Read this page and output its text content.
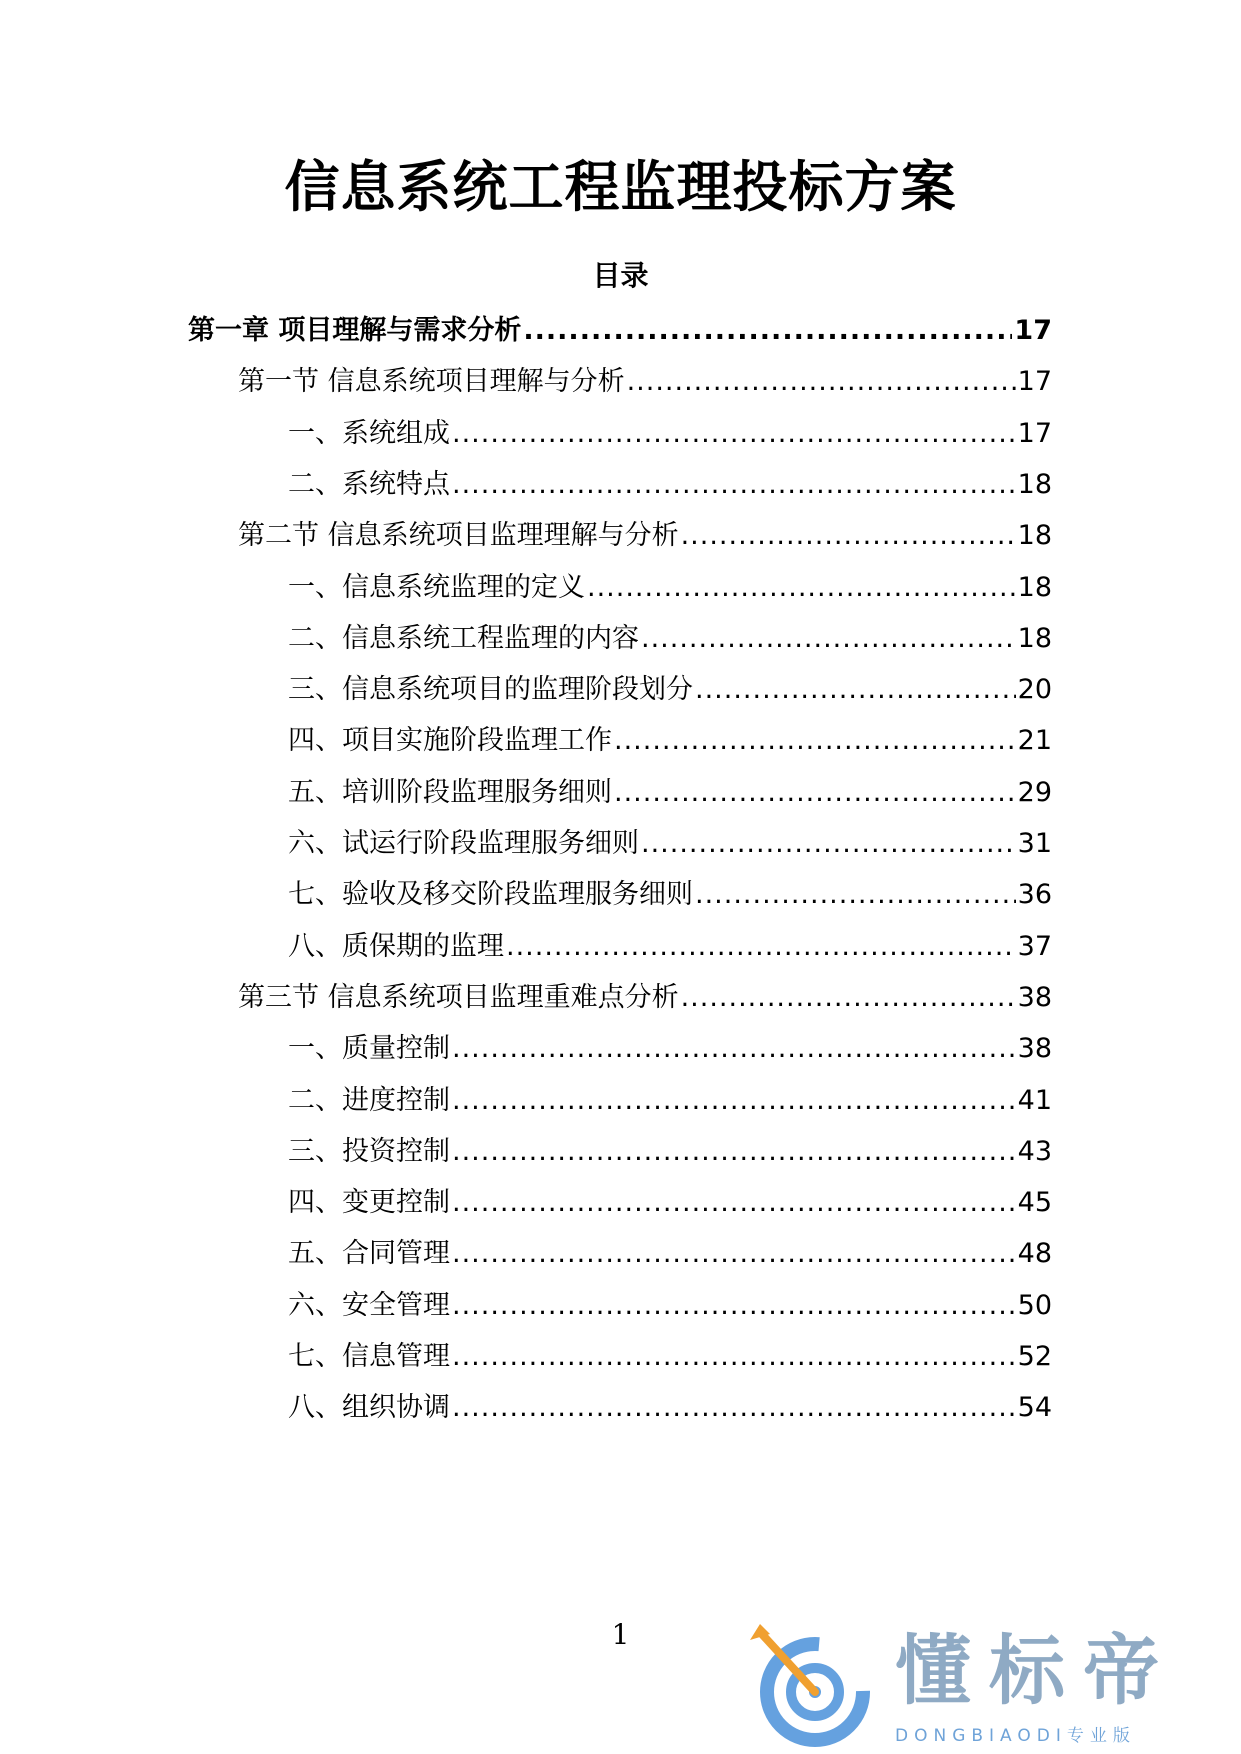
信息系统工程监理投标方案
目录
第一章 项目理解与需求分析 .....	17
第一节 信息系统项目理解与分析 .....	17
一、系统组成 .....	17
二、系统特点 .....	18
第二节 信息系统项目监理理解与分析 .....	18
一、信息系统监理的定义 .....	18
二、信息系统工程监理的内容 .....	18
三、信息系统项目的监理阶段划分 .....	20
四、项目实施阶段监理工作 .....	21
五、培训阶段监理服务细则 .....	29
六、试运行阶段监理服务细则 .....	31
七、验收及移交阶段监理服务细则 .....	36
八、质保期的监理 .....	37
第三节 信息系统项目监理重难点分析 .....	38
一、质量控制 .....	38
二、进度控制 .....	41
三、投资控制 .....	43
四、变更控制 .....	45
五、合同管理 .....	48
六、安全管理 .....	50
七、信息管理 .....	52
八、组织协调 .....	54
1	懂标帝
DONGBIAODI专业版
